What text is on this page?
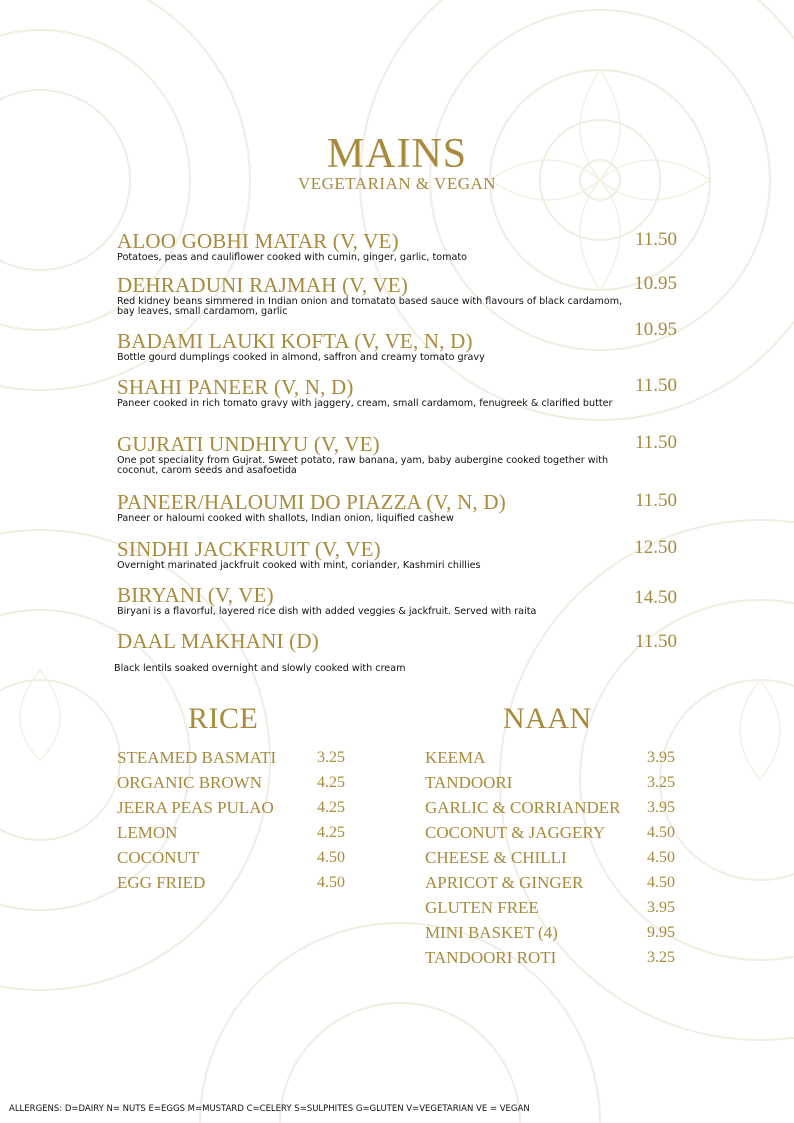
MAINS
VEGETARIAN & VEGAN
ALOO GOBHI MATAR (V, VE)
Potatoes, peas and cauliflower cooked with cumin, ginger, garlic, tomato
11.50
DEHRADUNI RAJMAH (V, VE)
Red kidney beans simmered in Indian onion and tomatato based sauce with flavours of black cardamom, bay leaves, small cardamom, garlic
10.95
BADAMI LAUKI KOFTA (V, VE, N, D)
Bottle gourd dumplings cooked in almond, saffron and creamy tomato gravy
10.95
SHAHI PANEER (V, N, D)
Paneer cooked in rich tomato gravy with jaggery, cream, small cardamom, fenugreek & clarified butter
11.50
GUJRATI UNDHIYU (V, VE)
One pot speciality from Gujrat. Sweet potato, raw banana, yam, baby aubergine cooked together with coconut, carom seeds and asafoetida
11.50
PANEER/HALOUMI DO PIAZZA (V, N, D)
Paneer or haloumi cooked with shallots, Indian onion, liquified cashew
11.50
SINDHI JACKFRUIT (V, VE)
Overnight marinated jackfruit cooked with mint, coriander, Kashmiri chillies
12.50
BIRYANI (V, VE)
Biryani is a flavorful, layered rice dish with added veggies & jackfruit. Served with raita
14.50
DAAL MAKHANI (D)
Black lentils soaked overnight and slowly cooked with cream
11.50
RICE
STEAMED BASMATI	3.25
ORGANIC BROWN	4.25
JEERA PEAS PULAO	4.25
LEMON	4.25
COCONUT	4.50
EGG FRIED	4.50
NAAN
KEEMA	3.95
TANDOORI	3.25
GARLIC & CORRIANDER 3.95
COCONUT & JAGGERY	4.50
CHEESE & CHILLI	4.50
APRICOT & GINGER	4.50
GLUTEN FREE	3.95
MINI BASKET (4)	9.95
TANDOORI ROTI	3.25
ALLERGENS: D=DAIRY N= NUTS E=EGGS M=MUSTARD C=CELERY S=SULPHITES G=GLUTEN V=VEGETARIAN VE = VEGAN
